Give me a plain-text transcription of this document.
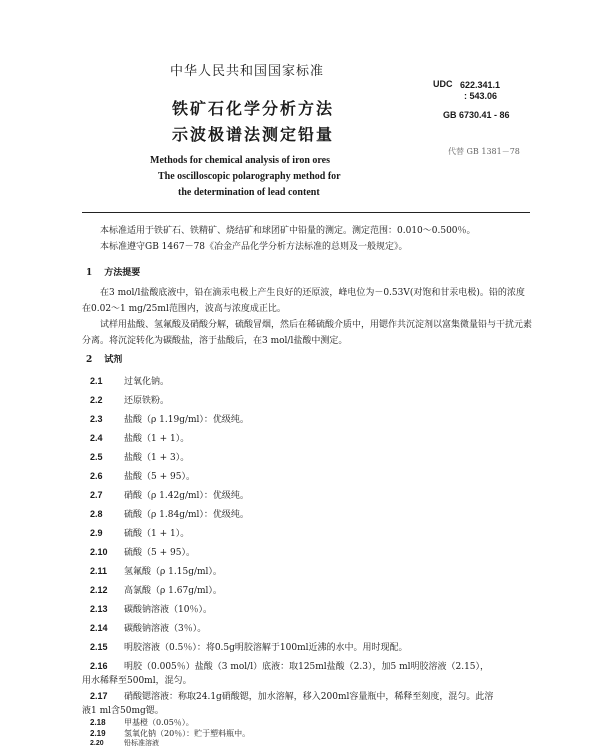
中华人民共和国国家标准
铁矿石化学分析方法
示波极谱法测定铅量
Methods for chemical analysis of iron ores
The oscilloscopic polarography method for
the determination of lead content
UDC 622.341.1
: 543.06
GB 6730.41 - 86
代替 GB 1381－78
本标准适用于铁矿石、铁精矿、烧结矿和球团矿中铅量的测定。测定范围：0.010～0.500％。
本标准遵守GB 1467－78《冶金产品化学分析方法标准的总则及一般规定》。
1 方法提要
在3 mol/l盐酸底液中，铅在滴汞电极上产生良好的还原波，峰电位为－0.53V(对饱和甘汞电极)。铅的浓度在0.02～1 mg/25ml范围内，波高与浓度成正比。
试样用盐酸、氢氟酸及硝酸分解，硫酸冒烟，然后在稀硫酸介质中，用锶作共沉淀剂以富集微量铅与干扰元素分离。将沉淀转化为碳酸盐，溶于盐酸后，在3 mol/l盐酸中测定。
2 试剂
2.1 过氧化钠。
2.2 还原铁粉。
2.3 盐酸（ρ 1.19g/ml）：优级纯。
2.4 盐酸（1 + 1）。
2.5 盐酸（1 + 3）。
2.6 盐酸（5 + 95）。
2.7 硝酸（ρ 1.42g/ml）：优级纯。
2.8 硫酸（ρ 1.84g/ml）：优级纯。
2.9 硫酸（1 + 1）。
2.10 硫酸（5 + 95）。
2.11 氢氟酸（ρ 1.15g/ml）。
2.12 高氯酸（ρ 1.67g/ml）。
2.13 碳酸钠溶液（10％）。
2.14 碳酸钠溶液（3％）。
2.15 明胶溶液（0.5％）：将0.5g明胶溶解于100ml近沸的水中。用时现配。
2.16 明胶（0.005％）盐酸（3 mol/l）底液：取125ml盐酸（2.3），加5 ml明胶溶液（2.15），
用水稀释至500ml，混匀。
2.17 硝酸锶溶液：称取24.1g硝酸锶，加水溶解，移入200ml容量瓶中，稀释至刻度，混匀。此溶
液1 ml含50mg锶。
2.18 甲基橙（0.05％）。
2.19 氢氧化钠（20％）：贮于塑料瓶中。
2.20	铅标准溶液
